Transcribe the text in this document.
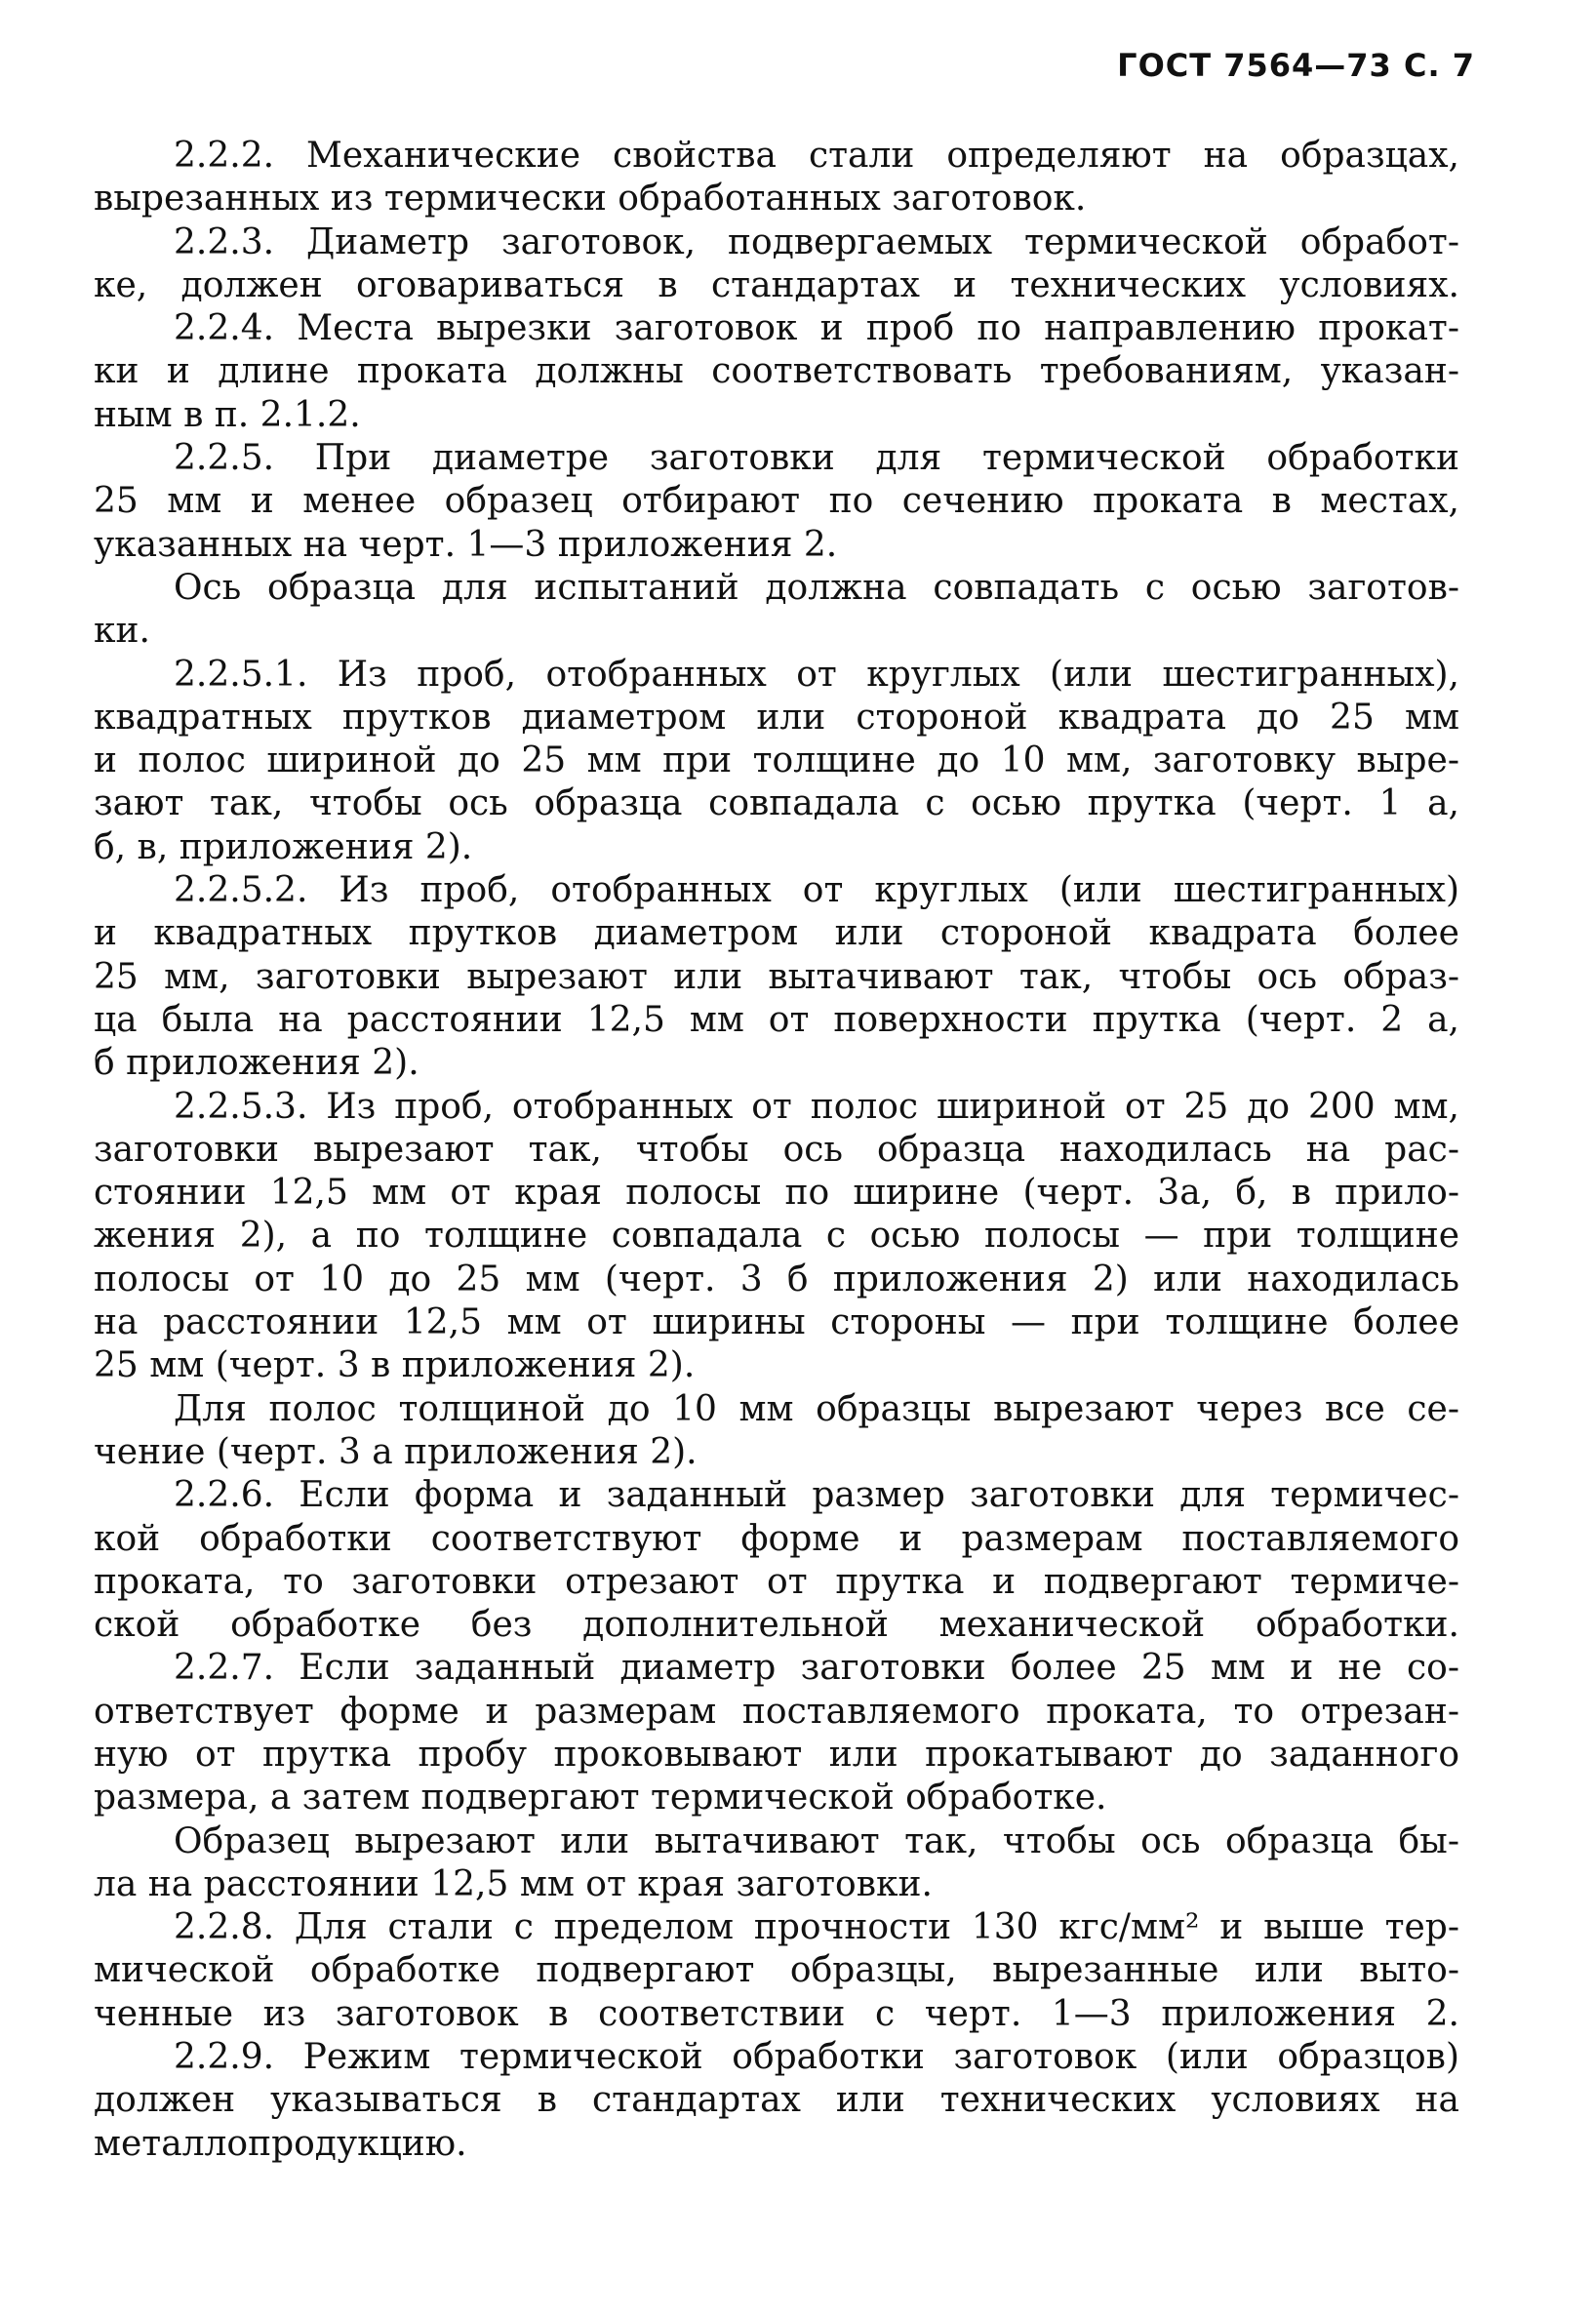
ГОСТ 7564—73 С. 7
2.2.2. Механические свойства стали определяют на образцах,
вырезанных из термически обработанных заготовок.
2.2.3. Диаметр заготовок, подвергаемых термической обработ-
ке, должен оговариваться в стандартах и технических условиях.
2.2.4. Места вырезки заготовок и проб по направлению прокат-
ки и длине проката должны соответствовать требованиям, указан-
ным в п. 2.1.2.
2.2.5. При диаметре заготовки для термической обработки
25 мм и менее образец отбирают по сечению проката в местах,
указанных на черт. 1—3 приложения 2.
Ось образца для испытаний должна совпадать с осью заготов-
ки.
2.2.5.1. Из проб, отобранных от круглых (или шестигранных),
квадратных прутков диаметром или стороной квадрата до 25 мм
и полос шириной до 25 мм при толщине до 10 мм, заготовку выре-
зают так, чтобы ось образца совпадала с осью прутка (черт. 1 а,
б, в, приложения 2).
2.2.5.2. Из проб, отобранных от круглых (или шестигранных)
и квадратных прутков диаметром или стороной квадрата более
25 мм, заготовки вырезают или вытачивают так, чтобы ось образ-
ца была на расстоянии 12,5 мм от поверхности прутка (черт. 2 а,
б приложения 2).
2.2.5.3. Из проб, отобранных от полос шириной от 25 до 200 мм,
заготовки вырезают так, чтобы ось образца находилась на рас-
стоянии 12,5 мм от края полосы по ширине (черт. 3а, б, в прило-
жения 2), а по толщине совпадала с осью полосы — при толщине
полосы от 10 до 25 мм (черт. 3 б приложения 2) или находилась
на расстоянии 12,5 мм от ширины стороны — при толщине более
25 мм (черт. 3 в приложения 2).
Для полос толщиной до 10 мм образцы вырезают через все се-
чение (черт. 3 а приложения 2).
2.2.6. Если форма и заданный размер заготовки для термичес-
кой обработки соответствуют форме и размерам поставляемого
проката, то заготовки отрезают от прутка и подвергают термиче-
ской обработке без дополнительной механической обработки.
2.2.7. Если заданный диаметр заготовки более 25 мм и не со-
ответствует форме и размерам поставляемого проката, то отрезан-
ную от прутка пробу проковывают или прокатывают до заданного
размера, а затем подвергают термической обработке.
Образец вырезают или вытачивают так, чтобы ось образца бы-
ла на расстоянии 12,5 мм от края заготовки.
2.2.8. Для стали с пределом прочности 130 кгс/мм² и выше тер-
мической обработке подвергают образцы, вырезанные или выто-
ченные из заготовок в соответствии с черт. 1—3 приложения 2.
2.2.9. Режим термической обработки заготовок (или образцов)
должен указываться в стандартах или технических условиях на
металлопродукцию.
